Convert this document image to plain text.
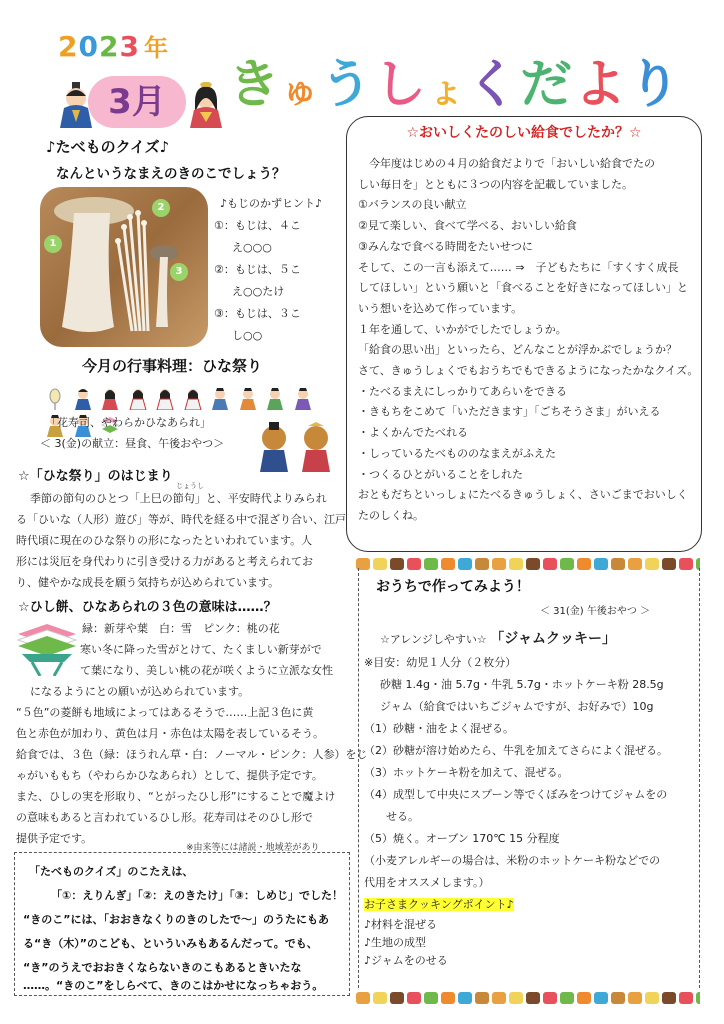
2023 年
3月	きゅうしょくだより
♪たべものクイズ♪
なんというなまえのきのこでしょう？
1
2
3
♪もじのかずヒント♪
①：もじは、４こ
え○○○
②：もじは、５こ
え○○たけ
③：もじは、３こ
し○○
今月の行事料理：ひな祭り

「花寿司、やわらかひなあられ」
＜ 3(金)の献立：昼食、午後おやつ＞
☆「ひな祭り」のはじまり
じょうし
季節の節句のひとつ「上巳の節句」と、平安時代よりみられ
る「ひいな（人形）遊び」等が、時代を経る中で混ざり合い、江戸
時代頃に現在のひな祭りの形になったといわれています。人
形には災厄を身代わりに引き受ける力があると考えられてお
り、健やかな成長を願う気持ちが込められています。
☆ひし餅、ひなあられの３色の意味は……？
緑：新芽や葉　白：雪　ピンク：桃の花
寒い冬に降った雪がとけて、たくましい新芽がで
て葉になり、美しい桃の花が咲くように立派な女性
になるようにとの願いが込められています。
“５色”の菱餅も地域によってはあるそうで……上記３色に黄
色と赤色が加わり、黄色は月・赤色は太陽を表しているそう。
給食では、３色（緑：ほうれん草・白：ノーマル・ピンク：人参）をじ
ゃがいももち（やわらかひなあられ）として、提供予定です。
また、ひしの実を形取り、“とがったひし形”にすることで魔よけ
の意味もあると言われているひし形。花寿司はそのひし形で
提供予定です。
※由来等には諸説・地域差があり
「たべものクイズ」のこたえは、
「①：えりんぎ」「②：えのきたけ」「③：しめじ」でした！
“きのこ”には、「おおきなくりのきのしたで～」のうたにもあ
る“き（木）”のこども、といういみもあるんだって。でも、
“き”のうえでおおきくならないきのこもあるときいたな
……。“きのこ”をしらべて、きのこはかせになっちゃおう。
☆おいしくたのしい給食でしたか？☆
　今年度はじめの４月の給食だよりで「おいしい給食でたの
しい毎日を」とともに３つの内容を記載していました。
①バランスの良い献立
②見て楽しい、食べて学べる、おいしい給食
③みんなで食べる時間をたいせつに
そして、この一言も添えて…… ⇒　子どもたちに「すくすく成長
してほしい」という願いと「食べることを好きになってほしい」と
いう想いを込めて作っています。
１年を通して、いかがでしたでしょうか。
「給食の思い出」といったら、どんなことが浮かぶでしょうか？
さて、きゅうしょくでもおうちでもできるようになったかなクイズ。
・たべるまえにしっかりてあらいをできる
・きもちをこめて「いただきます」「ごちそうさま」がいえる
・よくかんでたべれる
・しっているたべもののなまえがふえた
・つくるひとがいることをしれた
おともだちといっしょにたべるきゅうしょく、さいごまでおいしく
たのしくね。
おうちで作ってみよう！
＜ 31(金) 午後おやつ ＞
☆アレンジしやすい☆ 「ジャムクッキー」
※目安：幼児１人分（２枚分）
砂糖 1.4g・油 5.7g・牛乳 5.7g・ホットケーキ粉 28.5g
ジャム（給食ではいちごジャムですが、お好みで）10g
（1）砂糖・油をよく混ぜる。
（2）砂糖が溶け始めたら、牛乳を加えてさらによく混ぜる。
（3）ホットケーキ粉を加えて、混ぜる。
（4）成型して中央にスプーン等でくぼみをつけてジャムをの
　　せる。
（5）焼く。オーブン 170℃ 15 分程度
（小麦アレルギーの場合は、米粉のホットケーキ粉などでの
代用をオススメします。）
お子さまクッキングポイント♪
♪材料を混ぜる
♪生地の成型
♪ジャムをのせる
